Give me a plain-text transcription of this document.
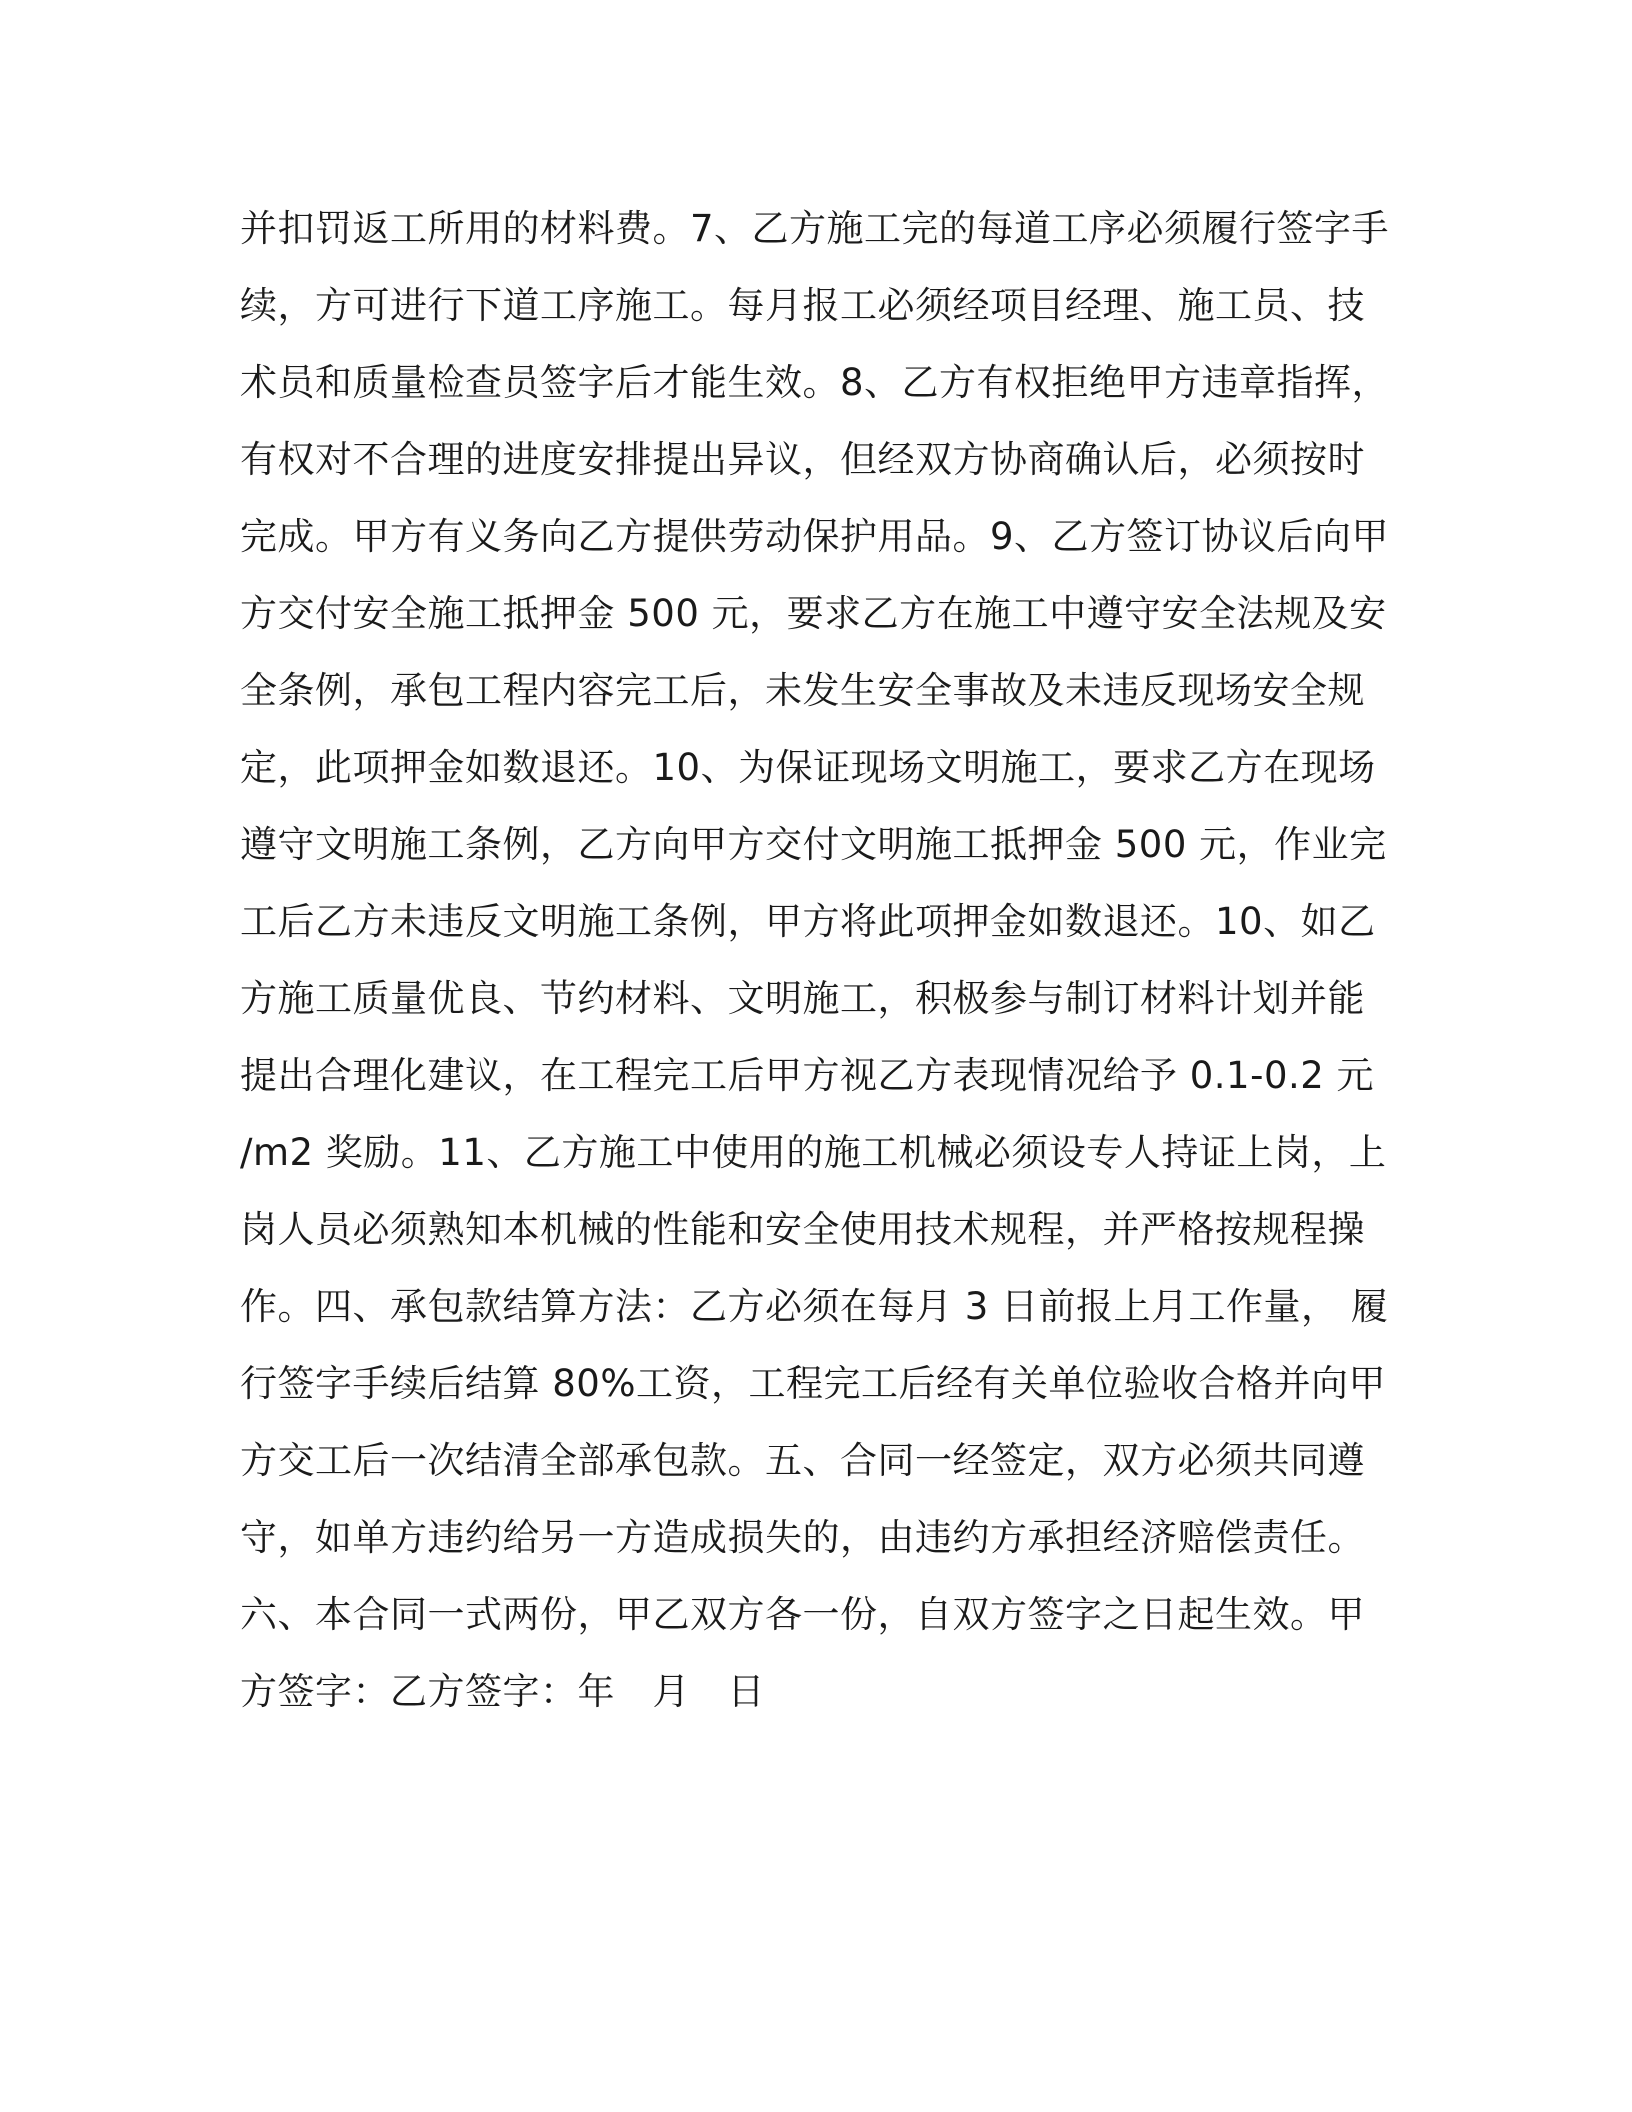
并扣罚返工所用的材料费。7、乙方施工完的每道工序必须履行签字手
续，方可进行下道工序施工。每月报工必须经项目经理、施工员、技
术员和质量检查员签字后才能生效。8、乙方有权拒绝甲方违章指挥，
有权对不合理的进度安排提出异议，但经双方协商确认后，必须按时
完成。甲方有义务向乙方提供劳动保护用品。9、乙方签订协议后向甲
方交付安全施工抵押金 500 元，要求乙方在施工中遵守安全法规及安
全条例，承包工程内容完工后，未发生安全事故及未违反现场安全规
定，此项押金如数退还。10、为保证现场文明施工，要求乙方在现场
遵守文明施工条例，乙方向甲方交付文明施工抵押金 500 元，作业完
工后乙方未违反文明施工条例，甲方将此项押金如数退还。10、如乙
方施工质量优良、节约材料、文明施工，积极参与制订材料计划并能
提出合理化建议，在工程完工后甲方视乙方表现情况给予 0.1-0.2 元
/m2 奖励。11、乙方施工中使用的施工机械必须设专人持证上岗，上
岗人员必须熟知本机械的性能和安全使用技术规程，并严格按规程操
作。四、承包款结算方法：乙方必须在每月 3 日前报上月工作量， 履
行签字手续后结算 80%工资，工程完工后经有关单位验收合格并向甲
方交工后一次结清全部承包款。五、合同一经签定，双方必须共同遵
守，如单方违约给另一方造成损失的，由违约方承担经济赔偿责任。
六、本合同一式两份，甲乙双方各一份，自双方签字之日起生效。甲
方签字：乙方签字：年　月　日
